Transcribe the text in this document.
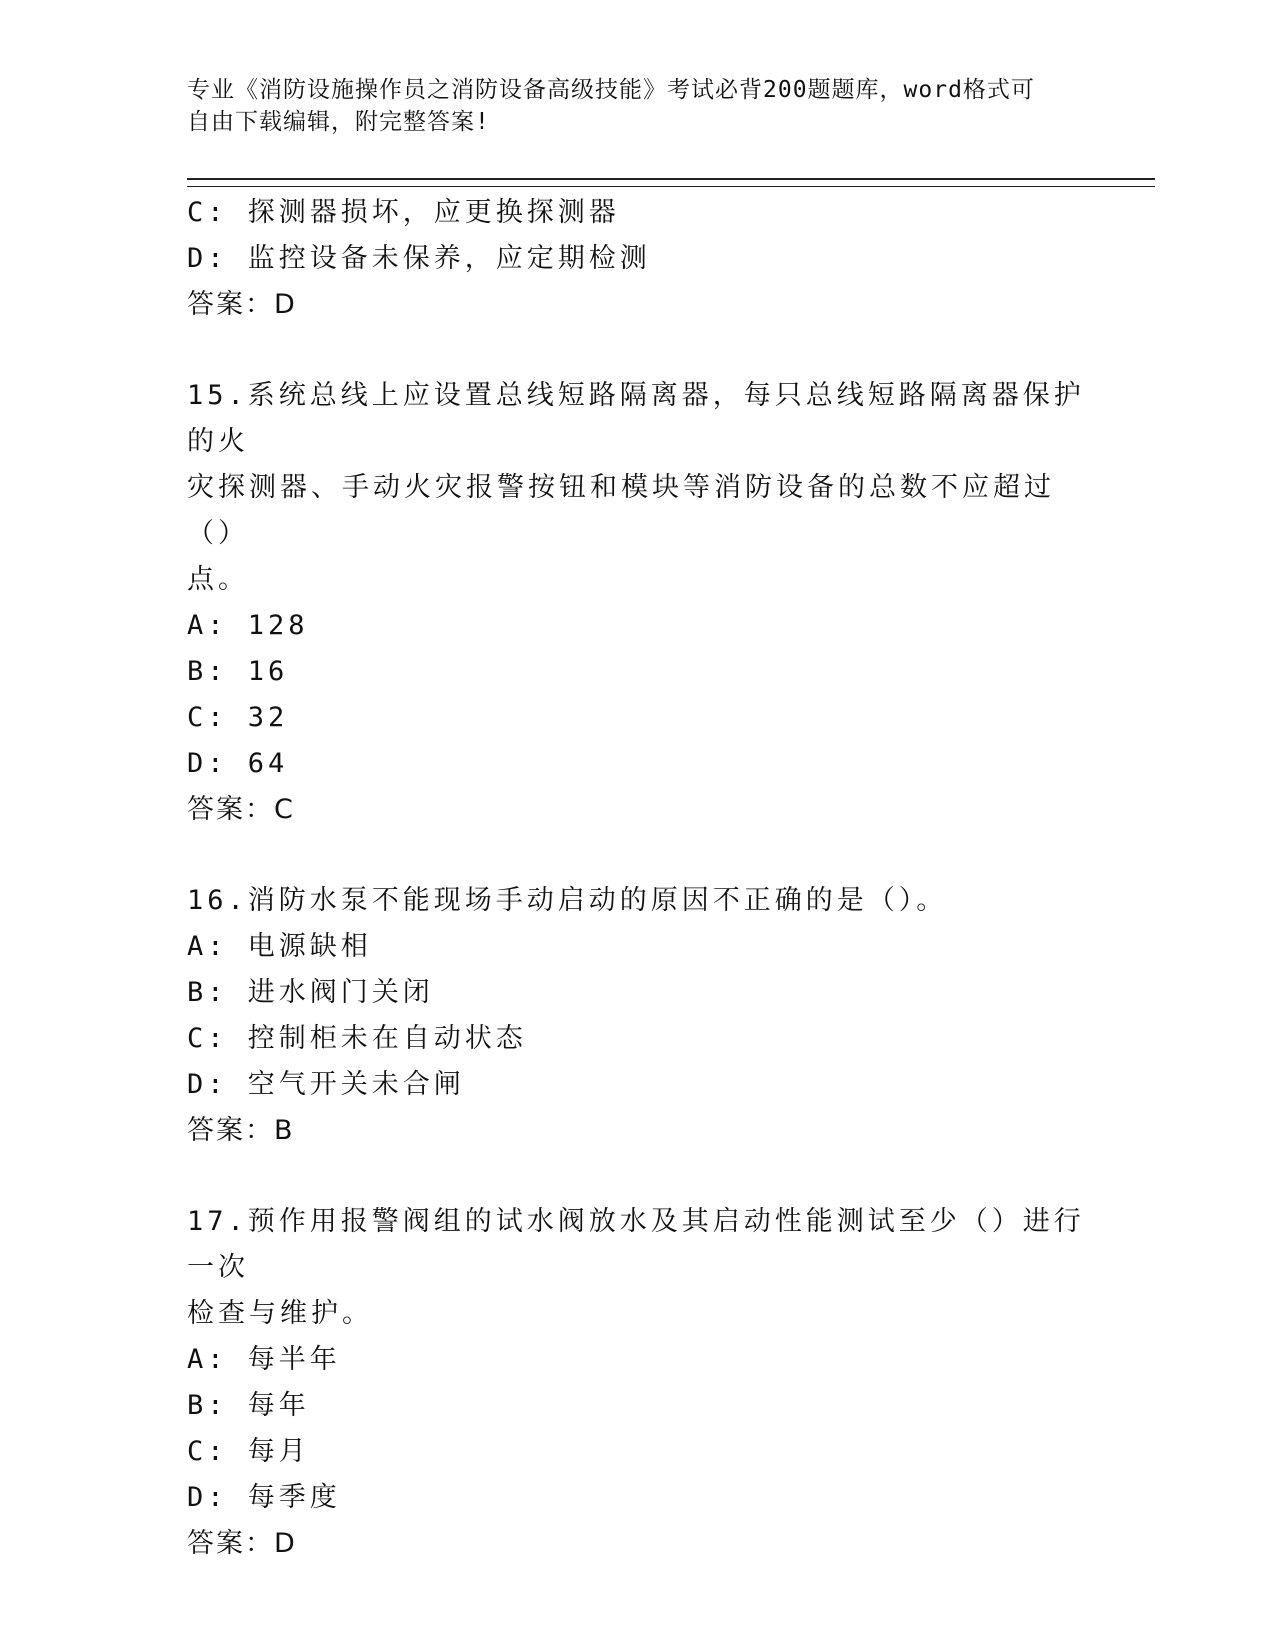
专业《消防设施操作员之消防设备高级技能》考试必背200题题库，word格式可
自由下载编辑，附完整答案!
C: 探测器损坏，应更换探测器
D: 监控设备未保养，应定期检测
答案：D
15.系统总线上应设置总线短路隔离器，每只总线短路隔离器保护的火
灾探测器、手动火灾报警按钮和模块等消防设备的总数不应超过（）
点。
A: 128
B: 16
C: 32
D: 64
答案：C
16.消防水泵不能现场手动启动的原因不正确的是（）。
A: 电源缺相
B: 进水阀门关闭
C: 控制柜未在自动状态
D: 空气开关未合闸
答案：B
17.预作用报警阀组的试水阀放水及其启动性能测试至少（）进行一次
检查与维护。
A: 每半年
B: 每年
C: 每月
D: 每季度
答案：D
